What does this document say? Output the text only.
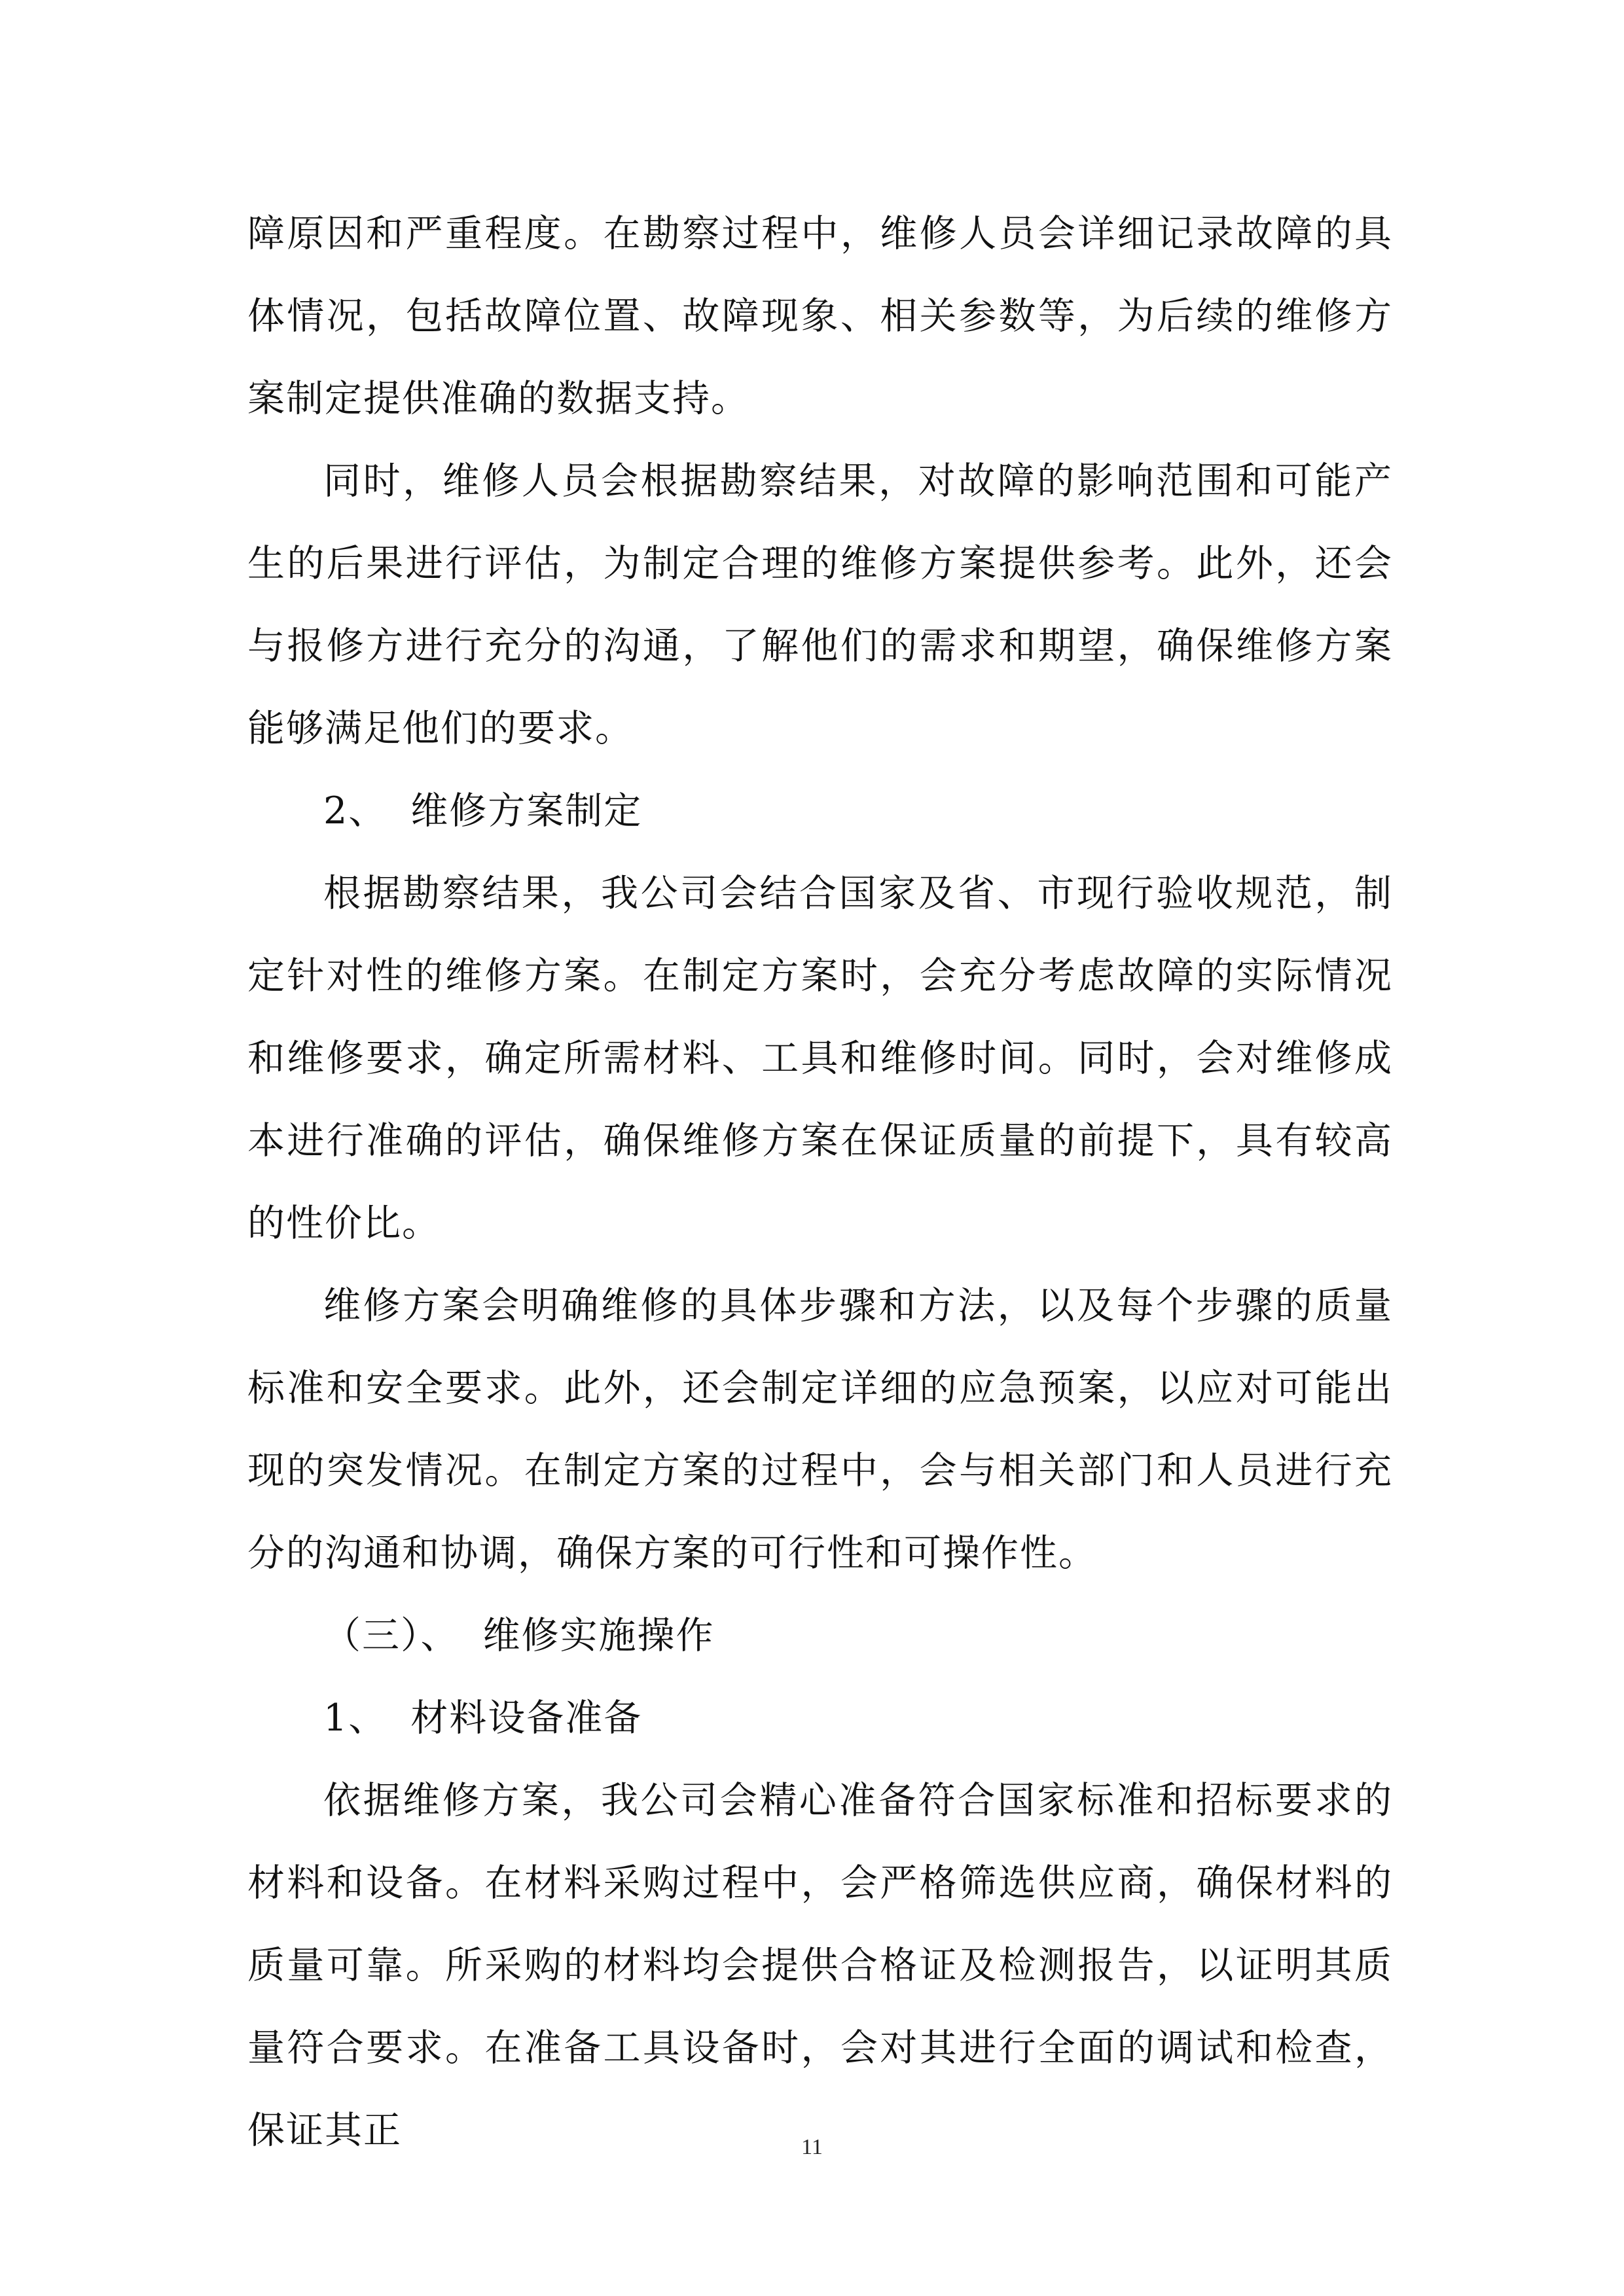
障原因和严重程度。在勘察过程中，维修人员会详细记录故障的具体情况，包括故障位置、故障现象、相关参数等，为后续的维修方案制定提供准确的数据支持。

同时，维修人员会根据勘察结果，对故障的影响范围和可能产生的后果进行评估，为制定合理的维修方案提供参考。此外，还会与报修方进行充分的沟通，了解他们的需求和期望，确保维修方案能够满足他们的要求。

2、 维修方案制定

根据勘察结果，我公司会结合国家及省、市现行验收规范，制定针对性的维修方案。在制定方案时，会充分考虑故障的实际情况和维修要求，确定所需材料、工具和维修时间。同时，会对维修成本进行准确的评估，确保维修方案在保证质量的前提下，具有较高的性价比。

维修方案会明确维修的具体步骤和方法，以及每个步骤的质量标准和安全要求。此外，还会制定详细的应急预案，以应对可能出现的突发情况。在制定方案的过程中，会与相关部门和人员进行充分的沟通和协调，确保方案的可行性和可操作性。

（三）、 维修实施操作

1、 材料设备准备

依据维修方案，我公司会精心准备符合国家标准和招标要求的材料和设备。在材料采购过程中，会严格筛选供应商，确保材料的质量可靠。所采购的材料均会提供合格证及检测报告，以证明其质量符合要求。在准备工具设备时，会对其进行全面的调试和检查，保证其正	11
